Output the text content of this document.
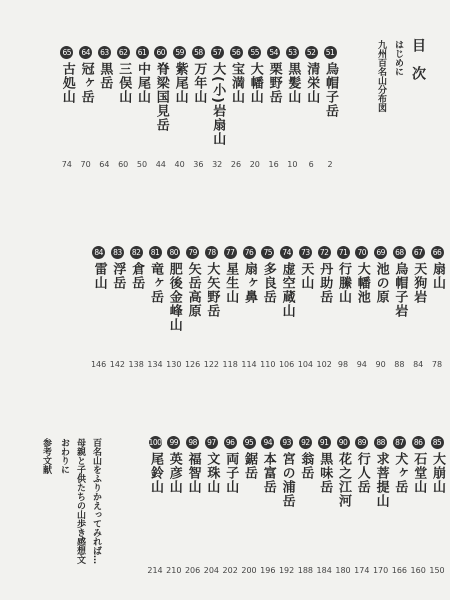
目次
はじめに
九州百名山分布図
51
烏帽子岳
2
52
清栄山
6
53
黒髪山
10
54
栗野岳
16
55
大幡山
20
56
宝満山
26
57
大(小)岩扇山
32
58
万年山
36
59
紫尾山
40
60
脊梁国見岳
44
61
中尾山
50
62
三俣山
60
63
黒岳
64
64
冠ヶ岳
70
65
古処山
74
66
扇山
78
67
天狗岩
84
68
烏帽子岩
88
69
池の原
90
70
大幡池
94
71
行縢山
98
72
丹助岳
102
73
天山
104
74
虚空蔵山
106
75
多良岳
110
76
扇ヶ鼻
114
77
星生山
118
78
大矢野岳
122
79
矢岳高原
126
80
肥後金峰山
130
81
竜ヶ岳
134
82
倉岳
138
83
浮岳
142
84
雷山
146
85
大崩山
150
86
石堂山
160
87
犬ヶ岳
166
88
求菩提山
170
89
行人岳
174
90
花之江河
180
91
黒味岳
184
92
翁岳
188
93
宮の浦岳
192
94
本富岳
196
95
鋸岳
200
96
両子山
202
97
文珠山
204
98
福智山
206
99
英彦山
210
100
尾鈴山
214
百名山をふりかえってみれば…
母親と子供たちの山歩き感想文
おわりに
参考文献
